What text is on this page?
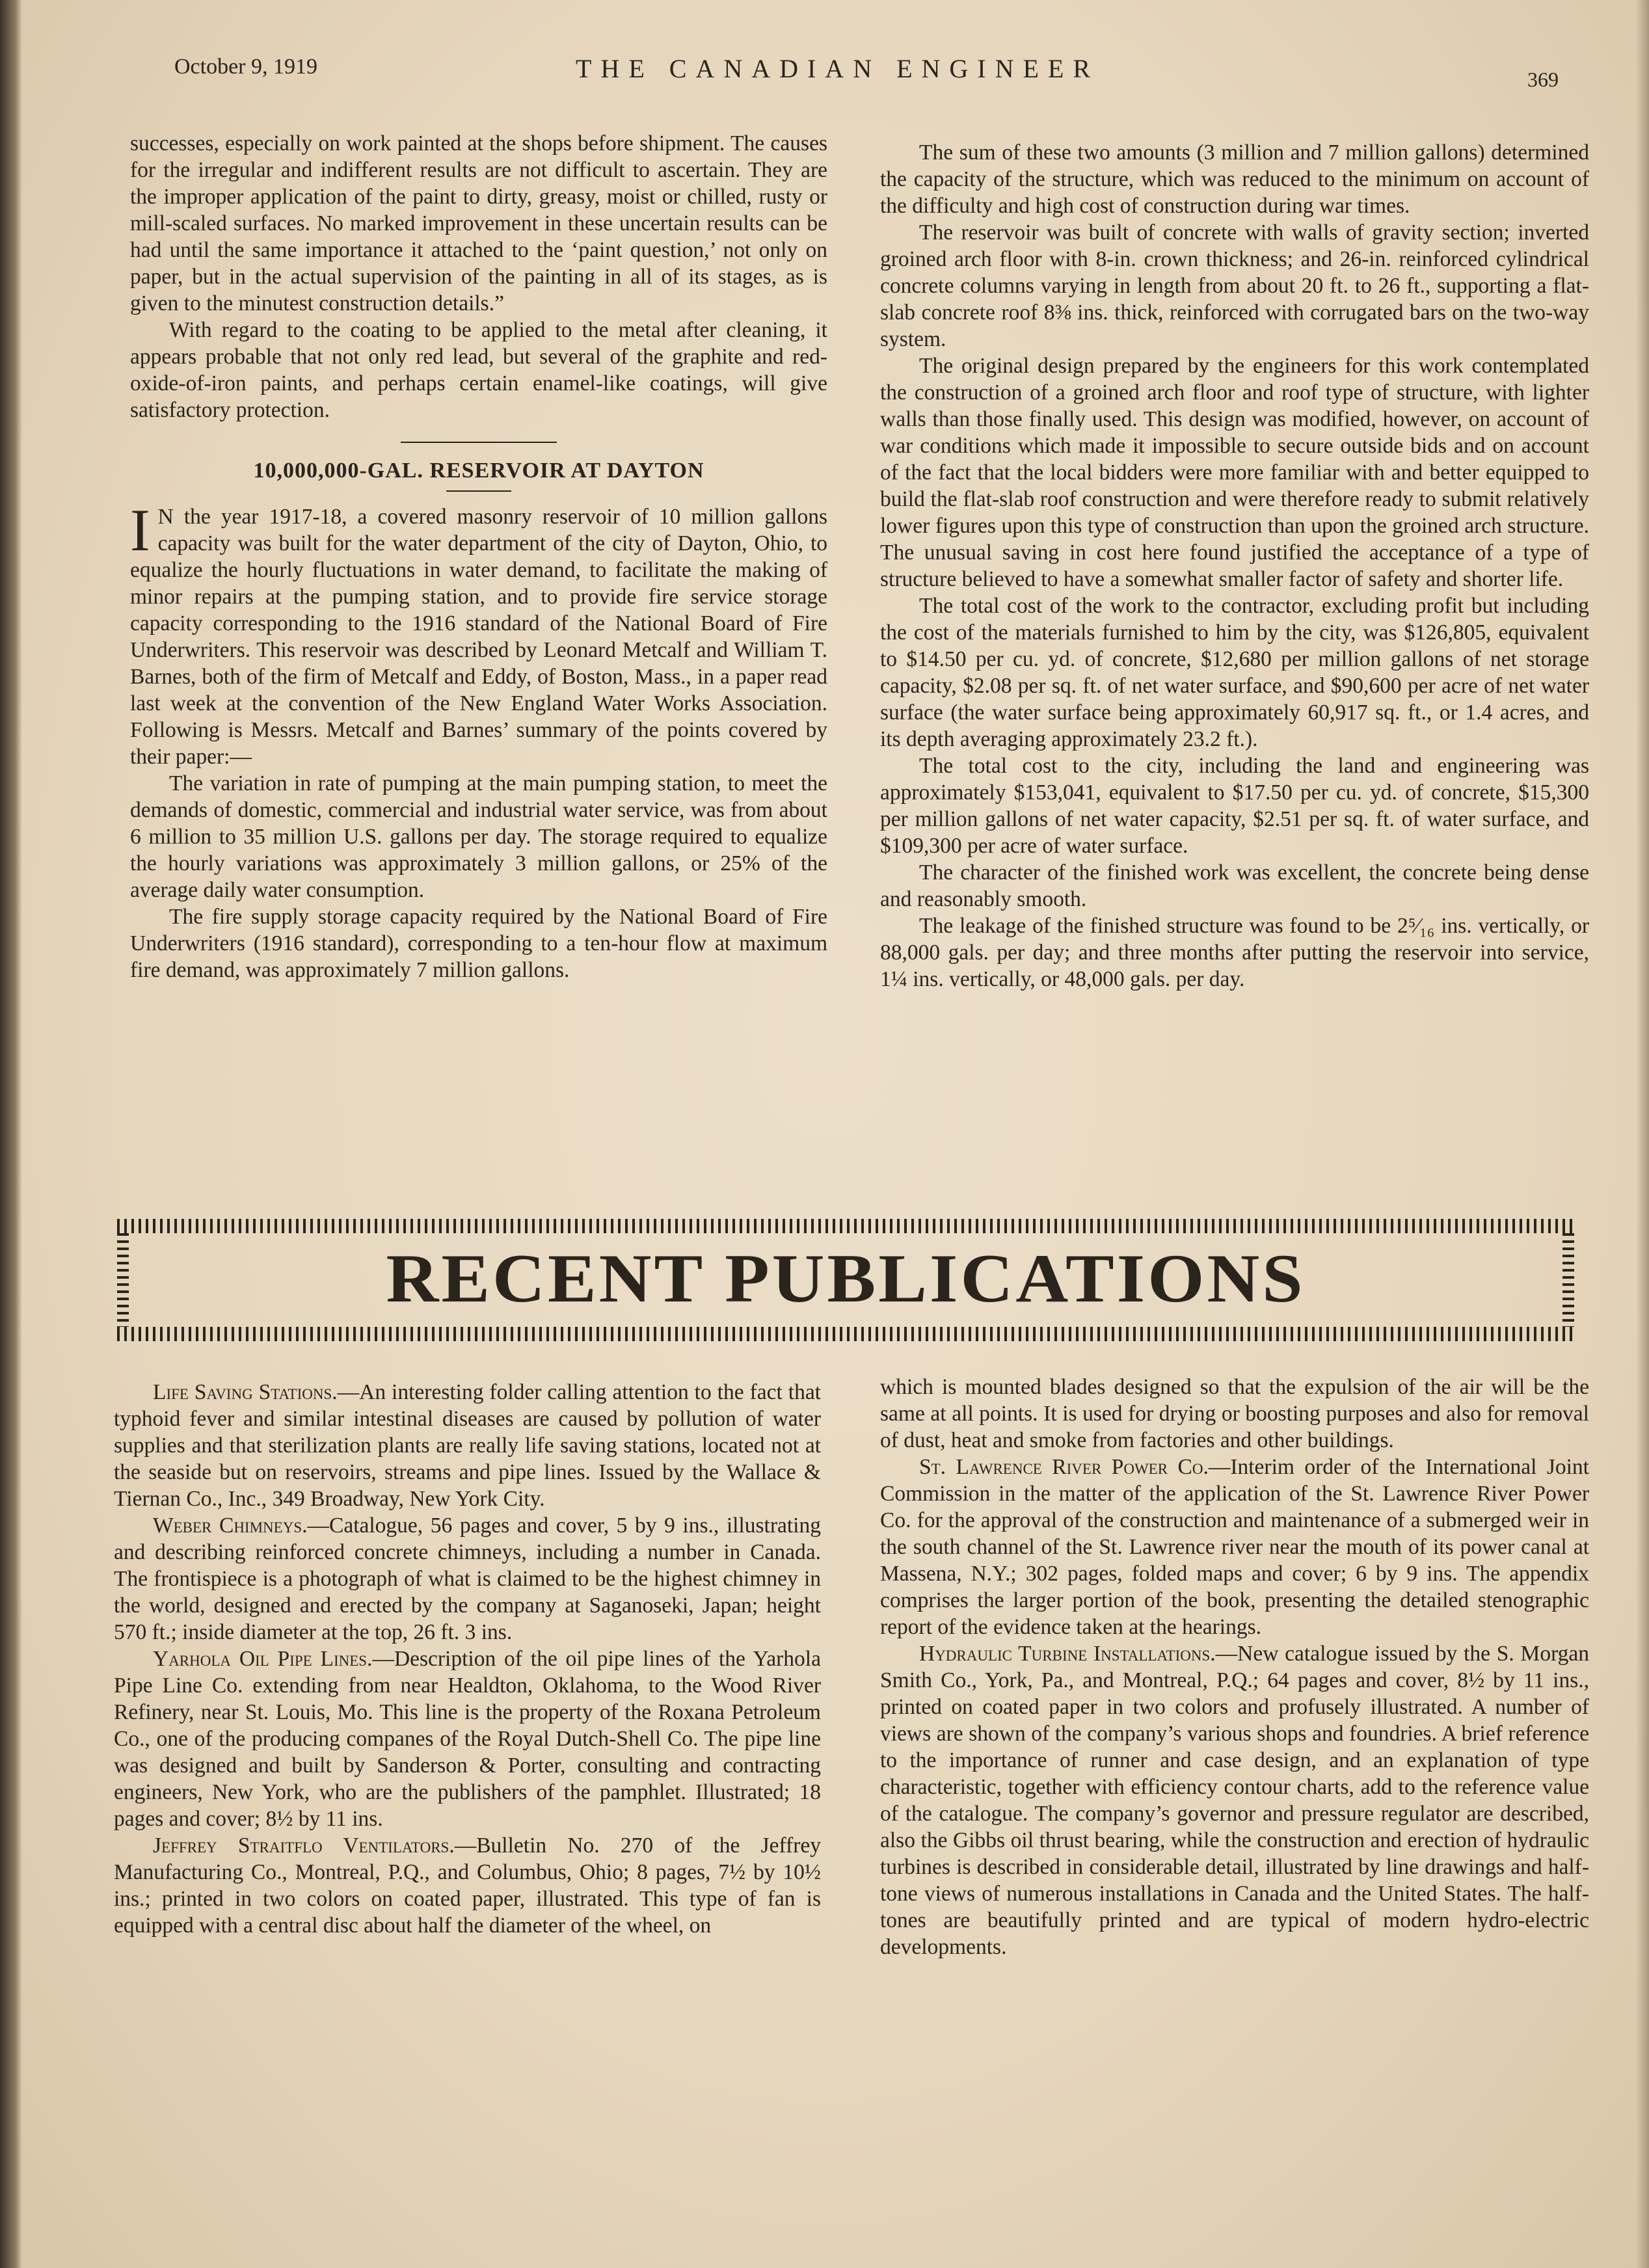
October 9, 1919	THE CANADIAN ENGINEER	369

successes, especially on work painted at the shops before shipment. The causes for the irregular and indifferent results are not difficult to ascertain. They are the improper application of the paint to dirty, greasy, moist or chilled, rusty or mill-scaled surfaces. No marked improvement in these uncertain results can be had until the same importance it attached to the ‘paint question,’ not only on paper, but in the actual supervision of the painting in all of its stages, as is given to the minutest construction details.”

With regard to the coating to be applied to the metal after cleaning, it appears probable that not only red lead, but several of the graphite and red-oxide-of-iron paints, and perhaps certain enamel-like coatings, will give satisfactory protection.

10,000,000-GAL. RESERVOIR AT DAYTON

I N the year 1917-18, a covered masonry reservoir of 10 million gallons capacity was built for the water department of the city of Dayton, Ohio, to equalize the hourly fluctuations in water demand, to facilitate the making of minor repairs at the pumping station, and to provide fire service storage capacity corresponding to the 1916 standard of the National Board of Fire Underwriters. This reservoir was described by Leonard Metcalf and William T. Barnes, both of the firm of Metcalf and Eddy, of Boston, Mass., in a paper read last week at the convention of the New England Water Works Association. Following is Messrs. Metcalf and Barnes’ summary of the points covered by their paper:—

The variation in rate of pumping at the main pumping station, to meet the demands of domestic, commercial and industrial water service, was from about 6 million to 35 million U.S. gallons per day. The storage required to equalize the hourly variations was approximately 3 million gallons, or 25% of the average daily water consumption.

The fire supply storage capacity required by the National Board of Fire Underwriters (1916 standard), corresponding to a ten-hour flow at maximum fire demand, was approximately 7 million gallons.

The sum of these two amounts (3 million and 7 million gallons) determined the capacity of the structure, which was reduced to the minimum on account of the difficulty and high cost of construction during war times.

The reservoir was built of concrete with walls of gravity section; inverted groined arch floor with 8-in. crown thickness; and 26-in. reinforced cylindrical concrete columns varying in length from about 20 ft. to 26 ft., supporting a flat-slab concrete roof 8⅜ ins. thick, reinforced with corrugated bars on the two-way system.

The original design prepared by the engineers for this work contemplated the construction of a groined arch floor and roof type of structure, with lighter walls than those finally used. This design was modified, however, on account of war conditions which made it impossible to secure outside bids and on account of the fact that the local bidders were more familiar with and better equipped to build the flat-slab roof construction and were therefore ready to submit relatively lower figures upon this type of construction than upon the groined arch structure. The unusual saving in cost here found justified the acceptance of a type of structure believed to have a somewhat smaller factor of safety and shorter life.

The total cost of the work to the contractor, excluding profit but including the cost of the materials furnished to him by the city, was $126,805, equivalent to $14.50 per cu. yd. of concrete, $12,680 per million gallons of net storage capacity, $2.08 per sq. ft. of net water surface, and $90,600 per acre of net water surface (the water surface being approximately 60,917 sq. ft., or 1.4 acres, and its depth averaging approximately 23.2 ft.).

The total cost to the city, including the land and engineering was approximately $153,041, equivalent to $17.50 per cu. yd. of concrete, $15,300 per million gallons of net water capacity, $2.51 per sq. ft. of water surface, and $109,300 per acre of water surface.

The character of the finished work was excellent, the concrete being dense and reasonably smooth.

The leakage of the finished structure was found to be 2⁵⁄₁₆ ins. vertically, or 88,000 gals. per day; and three months after putting the reservoir into service, 1¼ ins. vertically, or 48,000 gals. per day.

RECENT PUBLICATIONS

Life Saving Stations.—An interesting folder calling attention to the fact that typhoid fever and similar intestinal diseases are caused by pollution of water supplies and that sterilization plants are really life saving stations, located not at the seaside but on reservoirs, streams and pipe lines. Issued by the Wallace & Tiernan Co., Inc., 349 Broadway, New York City.

Weber Chimneys.—Catalogue, 56 pages and cover, 5 by 9 ins., illustrating and describing reinforced concrete chimneys, including a number in Canada. The frontispiece is a photograph of what is claimed to be the highest chimney in the world, designed and erected by the company at Saganoseki, Japan; height 570 ft.; inside diameter at the top, 26 ft. 3 ins.

Yarhola Oil Pipe Lines.—Description of the oil pipe lines of the Yarhola Pipe Line Co. extending from near Healdton, Oklahoma, to the Wood River Refinery, near St. Louis, Mo. This line is the property of the Roxana Petroleum Co., one of the producing companes of the Royal Dutch-Shell Co. The pipe line was designed and built by Sanderson & Porter, consulting and contracting engineers, New York, who are the publishers of the pamphlet. Illustrated; 18 pages and cover; 8½ by 11 ins.

Jeffrey Straitflo Ventilators.—Bulletin No. 270 of the Jeffrey Manufacturing Co., Montreal, P.Q., and Columbus, Ohio; 8 pages, 7½ by 10½ ins.; printed in two colors on coated paper, illustrated. This type of fan is equipped with a central disc about half the diameter of the wheel, on

which is mounted blades designed so that the expulsion of the air will be the same at all points. It is used for drying or boosting purposes and also for removal of dust, heat and smoke from factories and other buildings.

St. Lawrence River Power Co.—Interim order of the International Joint Commission in the matter of the application of the St. Lawrence River Power Co. for the approval of the construction and maintenance of a submerged weir in the south channel of the St. Lawrence river near the mouth of its power canal at Massena, N.Y.; 302 pages, folded maps and cover; 6 by 9 ins. The appendix comprises the larger portion of the book, presenting the detailed stenographic report of the evidence taken at the hearings.

Hydraulic Turbine Installations.—New catalogue issued by the S. Morgan Smith Co., York, Pa., and Montreal, P.Q.; 64 pages and cover, 8½ by 11 ins., printed on coated paper in two colors and profusely illustrated. A number of views are shown of the company’s various shops and foundries. A brief reference to the importance of runner and case design, and an explanation of type characteristic, together with efficiency contour charts, add to the reference value of the catalogue. The company’s governor and pressure regulator are described, also the Gibbs oil thrust bearing, while the construction and erection of hydraulic turbines is described in considerable detail, illustrated by line drawings and half-tone views of numerous installations in Canada and the United States. The half-tones are beautifully printed and are typical of modern hydro-electric developments.
